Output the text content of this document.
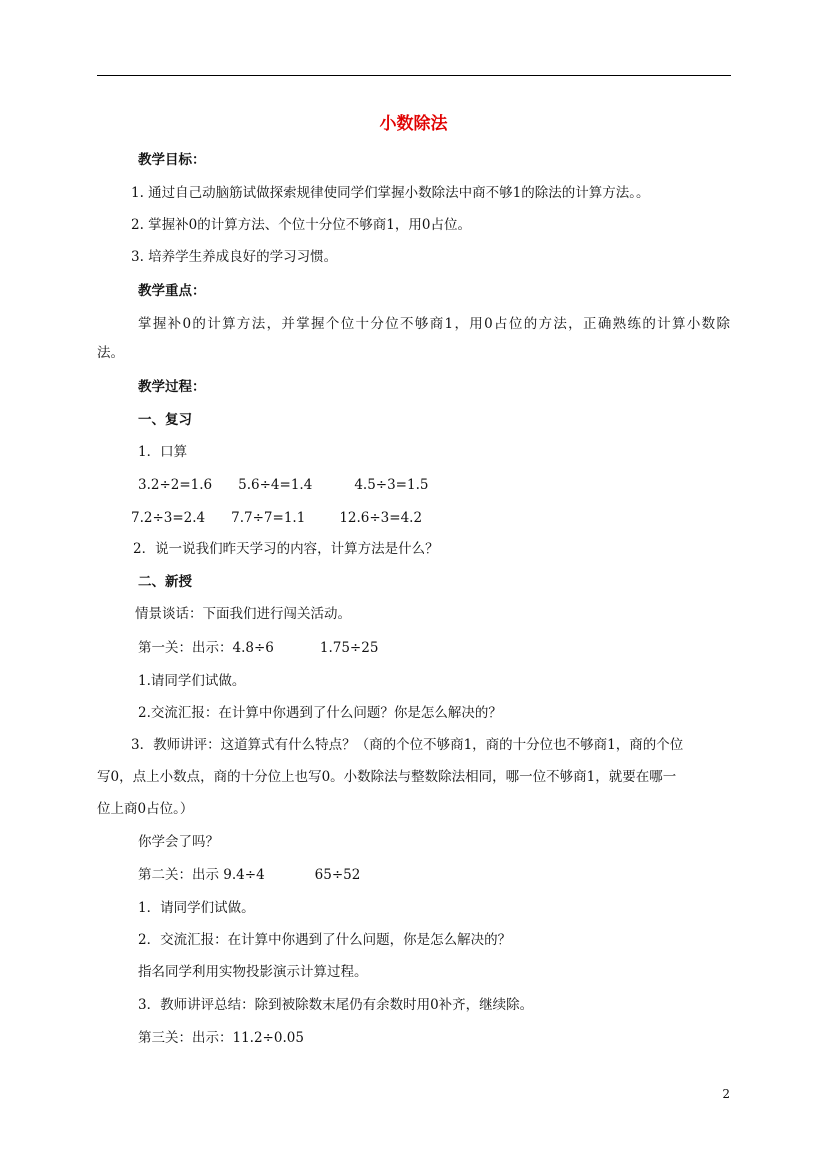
小数除法
教学目标：
1. 通过自己动脑筋试做探索规律使同学们掌握小数除法中商不够1的除法的计算方法。。
2. 掌握补0的计算方法、个位十分位不够商1，用0占位。
3. 培养学生养成良好的学习习惯。
教学重点：
掌握补0的计算方法，并掌握个位十分位不够商1，用0占位的方法，正确熟练的计算小数除
法。
教学过程：
一、复习
1．口算
3.2÷2=1.6 5.6÷4=1.4	4.5÷3=1.5
7.2÷3=2.4 7.7÷7=1.1	12.6÷3=4.2
2．说一说我们昨天学习的内容，计算方法是什么？
二、新授
情景谈话：下面我们进行闯关活动。
第一关：出示：4.8÷6	1.75÷25
1.请同学们试做。
2.交流汇报：在计算中你遇到了什么问题？你是怎么解决的？
3．教师讲评：这道算式有什么特点？（商的个位不够商1，商的十分位也不够商1，商的个位
写0，点上小数点，商的十分位上也写0。小数除法与整数除法相同，哪一位不够商1，就要在哪一
位上商0占位。）
你学会了吗？
第二关：出示 9.4÷4	65÷52
1．请同学们试做。
2．交流汇报：在计算中你遇到了什么问题，你是怎么解决的？
指名同学利用实物投影演示计算过程。
3．教师讲评总结：除到被除数末尾仍有余数时用0补齐，继续除。
第三关：出示：11.2÷0.05
2
